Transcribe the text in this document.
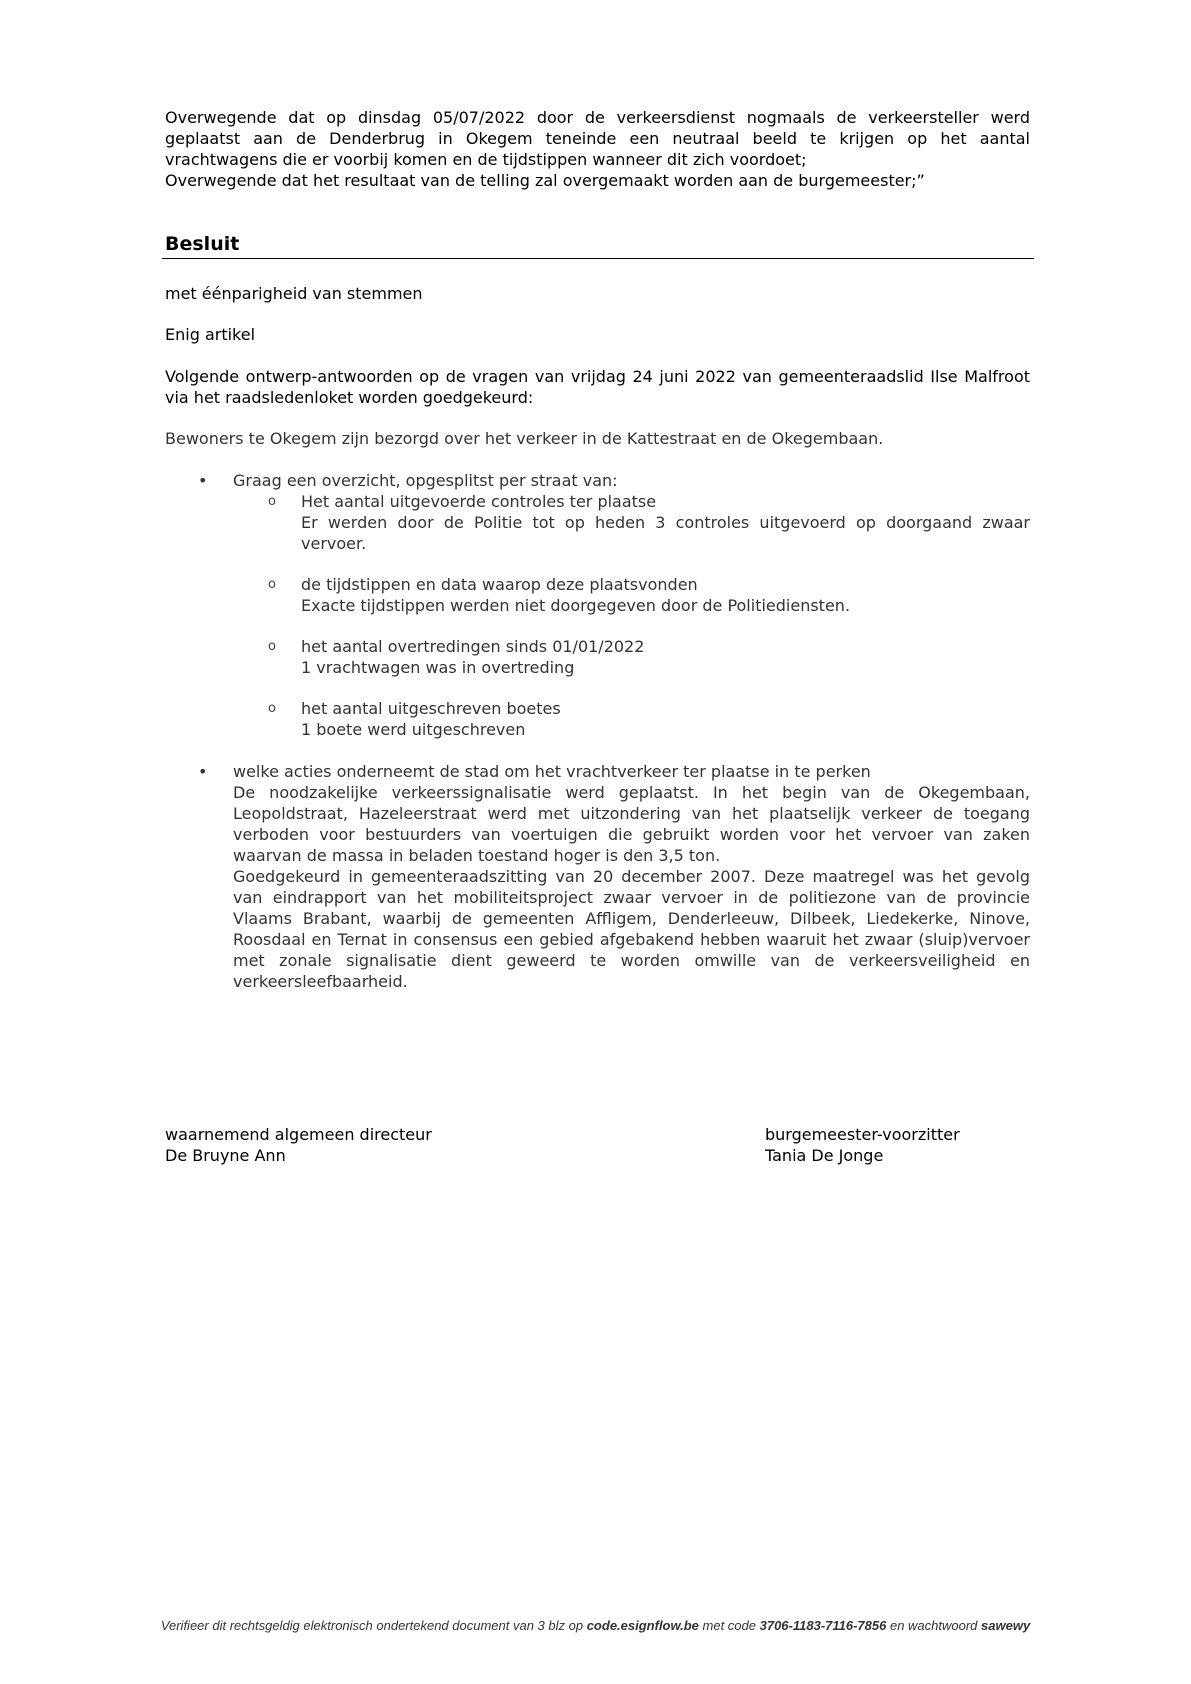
Overwegende dat op dinsdag 05/07/2022 door de verkeersdienst nogmaals de verkeersteller werd geplaatst aan de Denderbrug in Okegem teneinde een neutraal beeld te krijgen op het aantal vrachtwagens die er voorbij komen en de tijdstippen wanneer dit zich voordoet;

Overwegende dat het resultaat van de telling zal overgemaakt worden aan de burgemeester;”

Besluit

met éénparigheid van stemmen

Enig artikel

Volgende ontwerp-antwoorden op de vragen van vrijdag 24 juni 2022 van gemeenteraadslid Ilse Malfroot via het raadsledenloket worden goedgekeurd:

Bewoners te Okegem zijn bezorgd over het verkeer in de Kattestraat en de Okegembaan.

• Graag een overzicht, opgesplitst per straat van:

o Het aantal uitgevoerde controles ter plaatse

Er werden door de Politie tot op heden 3 controles uitgevoerd op doorgaand zwaar vervoer.

o de tijdstippen en data waarop deze plaatsvonden

Exacte tijdstippen werden niet doorgegeven door de Politiediensten.

o het aantal overtredingen sinds 01/01/2022

1 vrachtwagen was in overtreding

o het aantal uitgeschreven boetes

1 boete werd uitgeschreven

• welke acties onderneemt de stad om het vrachtverkeer ter plaatse in te perken

De noodzakelijke verkeerssignalisatie werd geplaatst. In het begin van de Okegembaan, Leopoldstraat, Hazeleerstraat werd met uitzondering van het plaatselijk verkeer de toegang verboden voor bestuurders van voertuigen die gebruikt worden voor het vervoer van zaken waarvan de massa in beladen toestand hoger is den 3,5 ton.

Goedgekeurd in gemeenteraadszitting van 20 december 2007. Deze maatregel was het gevolg van eindrapport van het mobiliteitsproject zwaar vervoer in de politiezone van de provincie Vlaams Brabant, waarbij de gemeenten Affligem, Denderleeuw, Dilbeek, Liedekerke, Ninove, Roosdaal en Ternat in consensus een gebied afgebakend hebben waaruit het zwaar (sluip)vervoer met zonale signalisatie dient geweerd te worden omwille van de verkeersveiligheid en verkeersleefbaarheid.

waarnemend algemeen directeur

De Bruyne Ann

burgemeester-voorzitter

Tania De Jonge

Verifieer dit rechtsgeldig elektronisch ondertekend document van 3 blz op code.esignflow.be met code 3706-1183-7116-7856 en wachtwoord sawewy
